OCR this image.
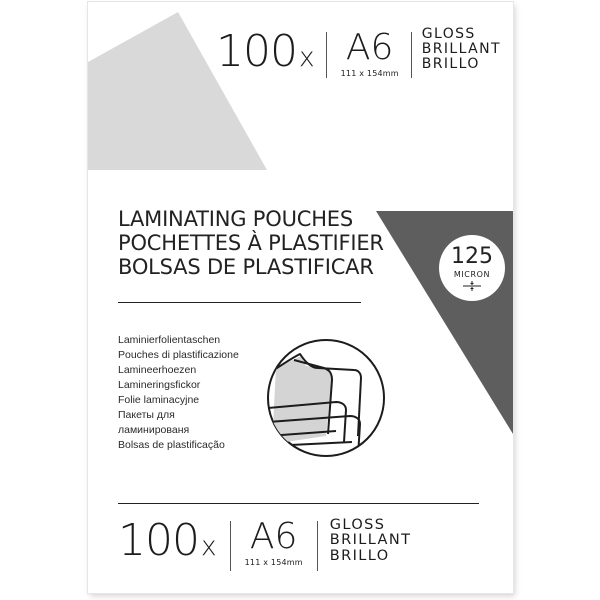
100x A6
111 x 154mm
GLOSS
BRILLANT
BRILLO
LAMINATING POUCHES
POCHETTES À PLASTIFIER
BOLSAS DE PLASTIFICAR	125
MICRON
Laminierfolientaschen
Pouches di plastificazione
Lamineerhoezen
Lamineringsfickor
Folie laminacyjne
Пакеты для
ламинированя
Bolsas de plastificação
100x A6
111 x 154mm
GLOSS
BRILLANT
BRILLO
